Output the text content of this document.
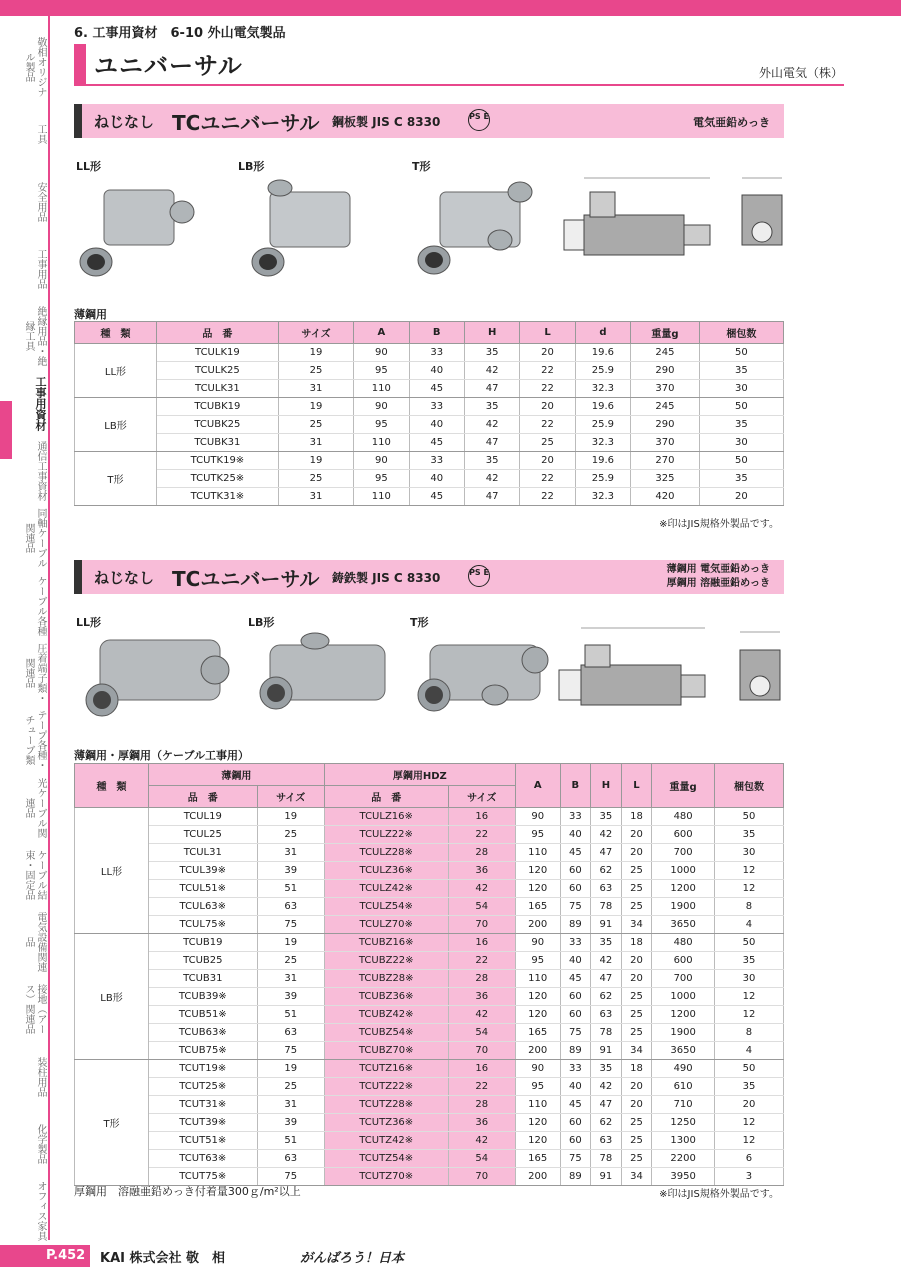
6. 工事用資材　6-10 外山電気製品
ユニバーサル	外山電気（株）
敬相オリジナル製品
工具
安全用品
工事用品
絶縁用品・絶縁工具
工事用資材
通信工事資材
同軸ケーブル関連品
ケーブル各種
圧着端子類・関連品
テープ各種・チューブ類
光ケーブル関連品
ケーブル結束・固定品
電気設備関連品
接地（アース）関連品
装柱用品
化学製品
オフィス家具
ねじなし TCユニバーサル 鋼板製 JIS C 8330	PS E	電気亜鉛めっき
LL形	LB形	T形
薄鋼用
種　類	品　番	サイズ	A	B	H	L	d	重量g	梱包数
LL形	TCULK19	19	90	33	35	20	19.6	245	50
	TCULK25	25	95	40	42	22	25.9	290	35
	TCULK31	31	110	45	47	22	32.3	370	30
LB形	TCUBK19	19	90	33	35	20	19.6	245	50
	TCUBK25	25	95	40	42	22	25.9	290	35
	TCUBK31	31	110	45	47	25	32.3	370	30
T形	TCUTK19※	19	90	33	35	20	19.6	270	50
	TCUTK25※	25	95	40	42	22	25.9	325	35
	TCUTK31※	31	110	45	47	22	32.3	420	20
※印はJIS規格外製品です。
ねじなし TCユニバーサル 鋳鉄製 JIS C 8330	PS E	薄鋼用 電気亜鉛めっき
厚鋼用 溶融亜鉛めっき
LL形	LB形	T形
薄鋼用・厚鋼用（ケーブル工事用）
種　類	薄鋼用		厚鋼用HDZ		A	B	H	L	重量g	梱包数
	品　番	サイズ	品　番	サイズ						
LL形	TCUL19	19	TCULZ16※	16	90	33	35	18	480	50
	TCUL25	25	TCULZ22※	22	95	40	42	20	600	35
	TCUL31	31	TCULZ28※	28	110	45	47	20	700	30
	TCUL39※	39	TCULZ36※	36	120	60	62	25	1000	12
	TCUL51※	51	TCULZ42※	42	120	60	63	25	1200	12
	TCUL63※	63	TCULZ54※	54	165	75	78	25	1900	8
	TCUL75※	75	TCULZ70※	70	200	89	91	34	3650	4
LB形	TCUB19	19	TCUBZ16※	16	90	33	35	18	480	50
	TCUB25	25	TCUBZ22※	22	95	40	42	20	600	35
	TCUB31	31	TCUBZ28※	28	110	45	47	20	700	30
	TCUB39※	39	TCUBZ36※	36	120	60	62	25	1000	12
	TCUB51※	51	TCUBZ42※	42	120	60	63	25	1200	12
	TCUB63※	63	TCUBZ54※	54	165	75	78	25	1900	8
	TCUB75※	75	TCUBZ70※	70	200	89	91	34	3650	4
T形	TCUT19※	19	TCUTZ16※	16	90	33	35	18	490	50
	TCUT25※	25	TCUTZ22※	22	95	40	42	20	610	35
	TCUT31※	31	TCUTZ28※	28	110	45	47	20	710	20
	TCUT39※	39	TCUTZ36※	36	120	60	62	25	1250	12
	TCUT51※	51	TCUTZ42※	42	120	60	63	25	1300	12
	TCUT63※	63	TCUTZ54※	54	165	75	78	25	2200	6
	TCUT75※	75	TCUTZ70※	70	200	89	91	34	3950	3
厚鋼用　溶融亜鉛めっき付着量300ｇ/m²以上	※印はJIS規格外製品です。
P.452	KAI 株式会社 敬　相	がんばろう！日本
